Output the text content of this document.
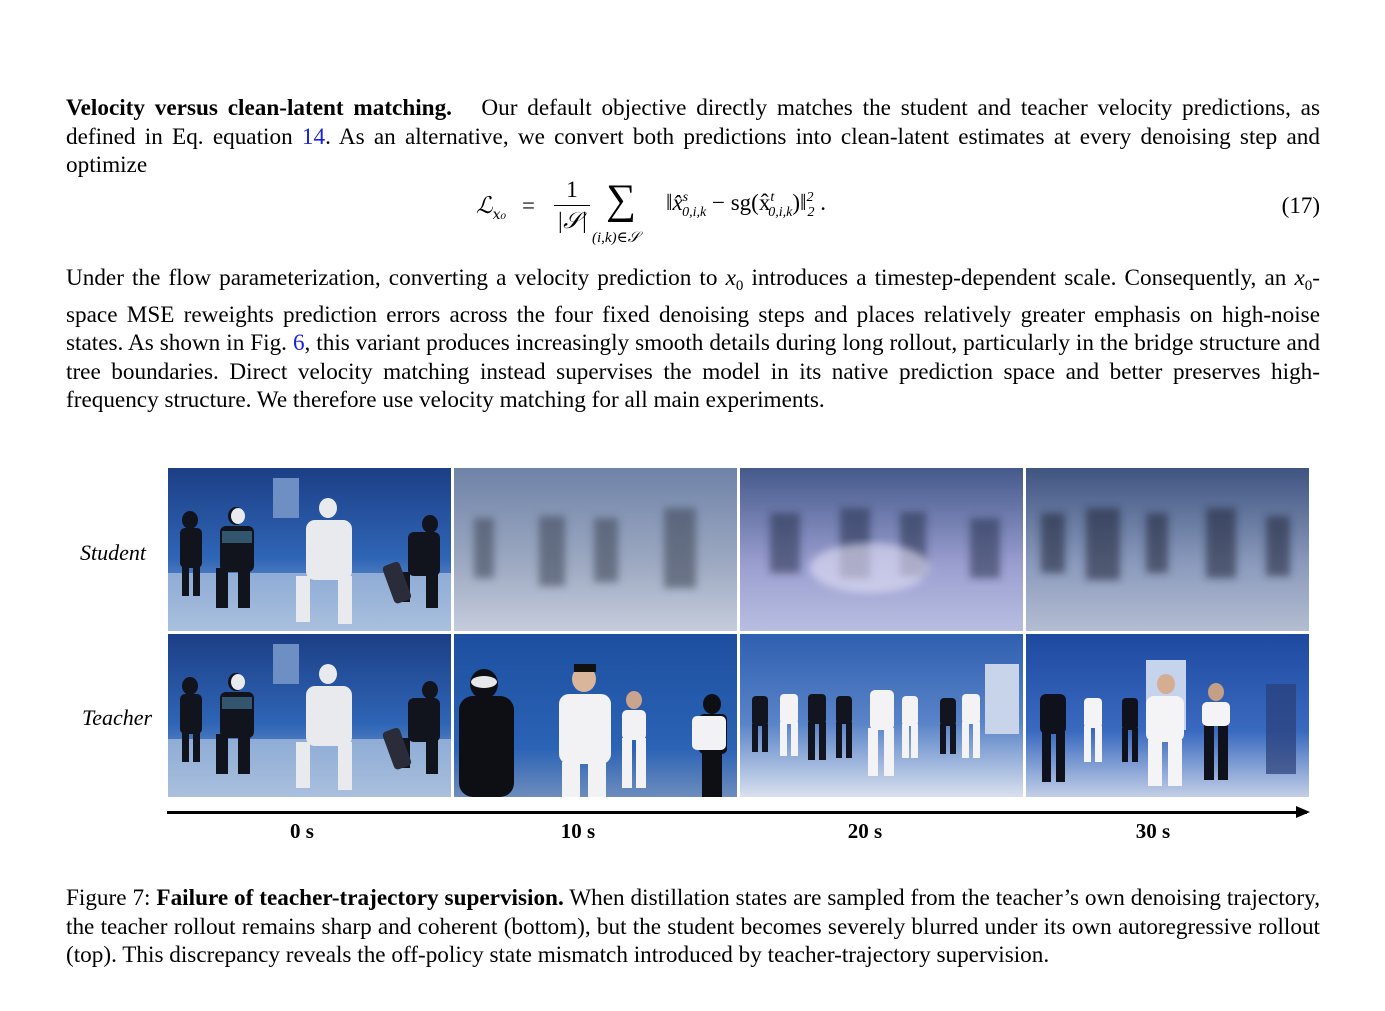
Velocity versus clean-latent matching. Our default objective directly matches the student and teacher velocity predictions, as defined in Eq. equation 14. As an alternative, we convert both predictions into clean-latent estimates at every denoising step and optimize
ℒ$_{x_0}$ =
1
|𝒮| ∑
(i,k)∈𝒮
‖x̂$^s_{0,i,k}$ − sg(x̂$^t_{0,i,k}$)‖$^2_2$ .	(17)
Under the flow parameterization, converting a velocity prediction to $x_0$ introduces a timestep-dependent scale. Consequently, an $x_0$-space MSE reweights prediction errors across the four fixed denoising steps and places relatively greater emphasis on high-noise states. As shown in Fig. 6, this variant produces increasingly smooth details during long rollout, particularly in the bridge structure and tree boundaries. Direct velocity matching instead supervises the model in its native prediction space and better preserves high-frequency structure. We therefore use velocity matching for all main experiments.
Student
Teacher
0 s	10 s	20 s	30 s
Figure 7: Failure of teacher-trajectory supervision. When distillation states are sampled from the teacher’s own denoising trajectory, the teacher rollout remains sharp and coherent (bottom), but the student becomes severely blurred under its own autoregressive rollout (top). This discrepancy reveals the off-policy state mismatch introduced by teacher-trajectory supervision.
